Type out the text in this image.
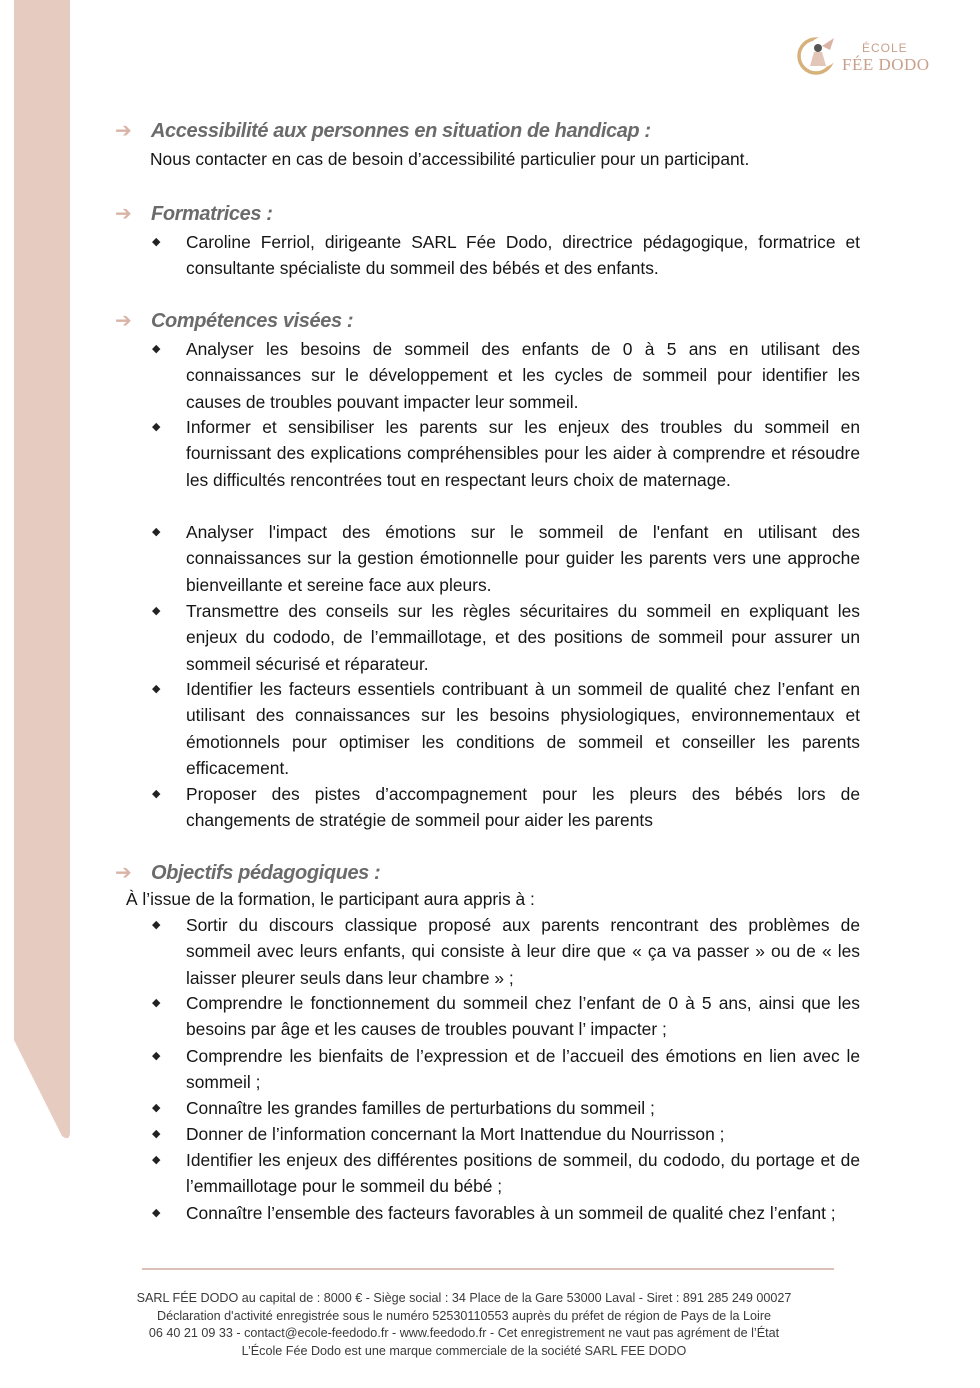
ÉCOLE
FÉE DODO
➔ Accessibilité aux personnes en situation de handicap :
Nous contacter en cas de besoin d’accessibilité particulier pour un participant.
➔ Formatrices :
◆ Caroline Ferriol, dirigeante SARL Fée Dodo, directrice pédagogique, formatrice et consultante spécialiste du sommeil des bébés et des enfants.
➔ Compétences visées :
◆ Analyser les besoins de sommeil des enfants de 0 à 5 ans en utilisant des connaissances sur le développement et les cycles de sommeil pour identifier les causes de troubles pouvant impacter leur sommeil.
◆ Informer et sensibiliser les parents sur les enjeux des troubles du sommeil en fournissant des explications compréhensibles pour les aider à comprendre et résoudre les difficultés rencontrées tout en respectant leurs choix de maternage.
◆ Analyser l'impact des émotions sur le sommeil de l'enfant en utilisant des connaissances sur la gestion émotionnelle pour guider les parents vers une approche bienveillante et sereine face aux pleurs.
◆ Transmettre des conseils sur les règles sécuritaires du sommeil en expliquant les enjeux du cododo, de l’emmaillotage, et des positions de sommeil pour assurer un sommeil sécurisé et réparateur.
◆ Identifier les facteurs essentiels contribuant à un sommeil de qualité chez l’enfant en utilisant des connaissances sur les besoins physiologiques, environnementaux et émotionnels pour optimiser les conditions de sommeil et conseiller les parents efficacement.
◆ Proposer des pistes d’accompagnement pour les pleurs des bébés lors de changements de stratégie de sommeil pour aider les parents
➔ Objectifs pédagogiques :
À l’issue de la formation, le participant aura appris à :
◆ Sortir du discours classique proposé aux parents rencontrant des problèmes de sommeil avec leurs enfants, qui consiste à leur dire que « ça va passer » ou de « les laisser pleurer seuls dans leur chambre » ;
◆ Comprendre le fonctionnement du sommeil chez l’enfant de 0 à 5 ans, ainsi que les besoins par âge et les causes de troubles pouvant l’ impacter ;
◆ Comprendre les bienfaits de l’expression et de l’accueil des émotions en lien avec le sommeil ;
◆ Connaître les grandes familles de perturbations du sommeil ;
◆ Donner de l’information concernant la Mort Inattendue du Nourrisson ;
◆ Identifier les enjeux des différentes positions de sommeil, du cododo, du portage et de l’emmaillotage pour le sommeil du bébé ;
◆ Connaître l’ensemble des facteurs favorables à un sommeil de qualité chez l’enfant ;
SARL FÉE DODO au capital de : 8000 € - Siège social : 34 Place de la Gare 53000 Laval - Siret : 891 285 249 00027
Déclaration d'activité enregistrée sous le numéro 52530110553 auprès du préfet de région de Pays de la Loire
06 40 21 09 33 - contact@ecole-feedodo.fr - www.feedodo.fr - Cet enregistrement ne vaut pas agrément de l’État
L’École Fée Dodo est une marque commerciale de la société SARL FEE DODO
